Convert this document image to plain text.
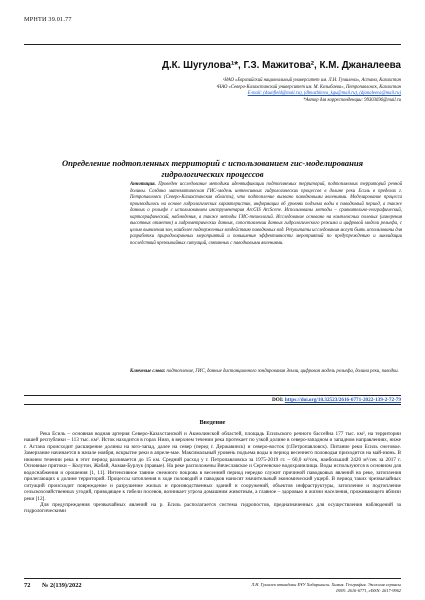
МРНТИ 39.01.77
Д.К. Шуrулова¹*, Г.З. Мажитова², К.М. Джаналеева
¹НАО «Евразийский национальный университет им. Л.Н. Гумилева», Астана, Казахстан
²НАО «Северо-Казахстанский университет им. М. Козыбаева», Петропавловск, Казахстан
E-mail: (dsunfield@mail.ru), (dlmazhitova_kgu@mail.ru), (djanaleeva@mail.ru)
*Автор для корреспонденции: 99303696@mail.ru
Определение подтопленных территорий с использованием гис-моделирования гидрологических процессов
Аннотация. Проведен исследование методики идентификации подтопляемых территорий, подтопляемых территорий речной долины. Создана математическая ГИС-модель интенсивных гидрологических процессов в долине реки Есиль в пределах г. Петропавловск (Северо-Казахстанская область), что подтопление вызвано паводковыми явлениями. Моделирование процесса производилось на основе гидрологических характеристик, информации об уровнях подъема воды в паводковый период, а также данных о рельефе с использованием инструментария ArcGIS ArcScene. Использованы методы – сравнительно-географический, картографический, наблюдения, а также методы ГИС-технологий. Исследование основано на комплексных полевых (измерения высотных отметок) и гидрометрических данных, сопоставлении данных гидрологического режима и цифровой модели рельефа, с целью выявления зон, наиболее подверженных воздействию паводковых вод. Результаты исследования могут быть использованы для разработки природоохранных мероприятий и повышения эффективности мероприятий по предупреждению и ликвидации последствий чрезвычайных ситуаций, связанных с паводковыми явлениями.
Ключевые слова: подтопление, ГИС, данные дистанционного зондирования Земли, цифровая модель рельефа, долина реки, паводки.
DOI: https://doi.org/10.32523/2616-6771-2022-139-2-72-79
Введение

Река Есиль – основная водная артерия Северо-Казахстанской и Акмолинской областей, площадь Есильского речного бассейна 177 тыс. км², на территории нашей республики – 113 тыс. км². Исток находится в горах Нияз, в верхнем течении река протекает по узкой долине в северо-западном и западном направлениях, ниже г. Астана происходит расширение долины на юго-запад, далее на север (перед г. Державинск) и северо-восток (г.Петропавловск). Питание реки Есиль снеговое. Замерзание начинается в начале ноября, вскрытие реки в апреле-мае. Максимальный уровень подъема воды в период весеннего половодья приходится на май-июнь. В нижнем течении река в этот период разливается до 15 км. Средний расход у г. Петропавловска за 1975-2019 гг. – 60,0 м³/сек, наибольший 2420 м³/сек за 2017 г. Основные притоки – Колутон, Жабай, Акмая-Бурлук (правые). На реке расположены Вячеславское и Сергеевское водохранилища. Воды используются в основном для водоснабжения и орошения [1, 11]. Интенсивное таяние снежного покрова в весенний период нередко служит причиной паводковых явлений на реке, затопления прилегающих к долине территорий. Процессы затопления в ходе половодий и паводков наносят значительный экономический ущерб. В период таких чрезвычайных ситуаций происходит повреждение и разрушение жилых и производственных зданий и сооружений, объектов инфраструктуры, затопление и подтопление сельскохозяйственных угодий, приводящее к гибели посевов, возникает угроза домашним животным, а главное – здоровью и жизни населения, проживающего вблизи реки [12].

Для предупреждения чрезвычайных явлений на р. Есиль располагается система гидропостов, предназначенных для осуществления наблюдений за гидрологическими

72 № 2(139)/2022	Л.Н. Гумилев атындағы ЕҰУ Хабаршысы. Химия. География. Экология сериясы
ISSN: 2616-6771, eISSN: 2617-9962
